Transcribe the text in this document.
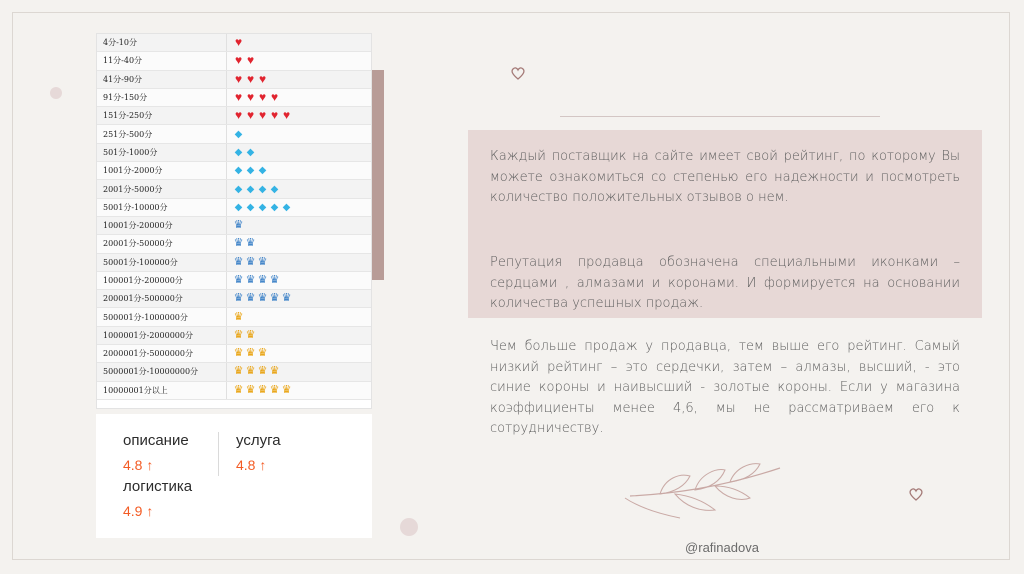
4分-10分	♥
11分-40分	♥ ♥
41分-90分	♥ ♥ ♥
91分-150分	♥ ♥ ♥ ♥
151分-250分	♥ ♥ ♥ ♥ ♥
251分-500分	◆
501分-1000分	◆ ◆
1001分-2000分	◆ ◆ ◆
2001分-5000分	◆ ◆ ◆ ◆
5001分-10000分	◆ ◆ ◆ ◆ ◆
10001分-20000分	♛
20001分-50000分	♛ ♛
50001分-100000分	♛ ♛ ♛
100001分-200000分	♛ ♛ ♛ ♛
200001分-500000分	♛ ♛ ♛ ♛ ♛
500001分-1000000分	♛
1000001分-2000000分	♛ ♛
2000001分-5000000分	♛ ♛ ♛
5000001分-10000000分	♛ ♛ ♛ ♛
10000001分以上	♛ ♛ ♛ ♛ ♛
описание
4.8 ↑
услуга
4.8 ↑
логистика
4.9 ↑
Каждый поставщик на сайте имеет свой рейтинг, по которому Вы можете ознакомиться со степенью его надежности и посмотреть количество положительных отзывов о нем.
Репутация продавца обозначена специальными иконками – сердцами , алмазами и коронами. И формируется на основании количества успешных продаж.
Чем больше продаж у продавца, тем выше его рейтинг. Самый низкий рейтинг – это сердечки, затем – алмазы, высший, - это синие короны и наивысший - золотые короны. Если у магазина коэффициенты менее 4,6, мы не рассматриваем его к сотрудничеству.
@rafinadova
